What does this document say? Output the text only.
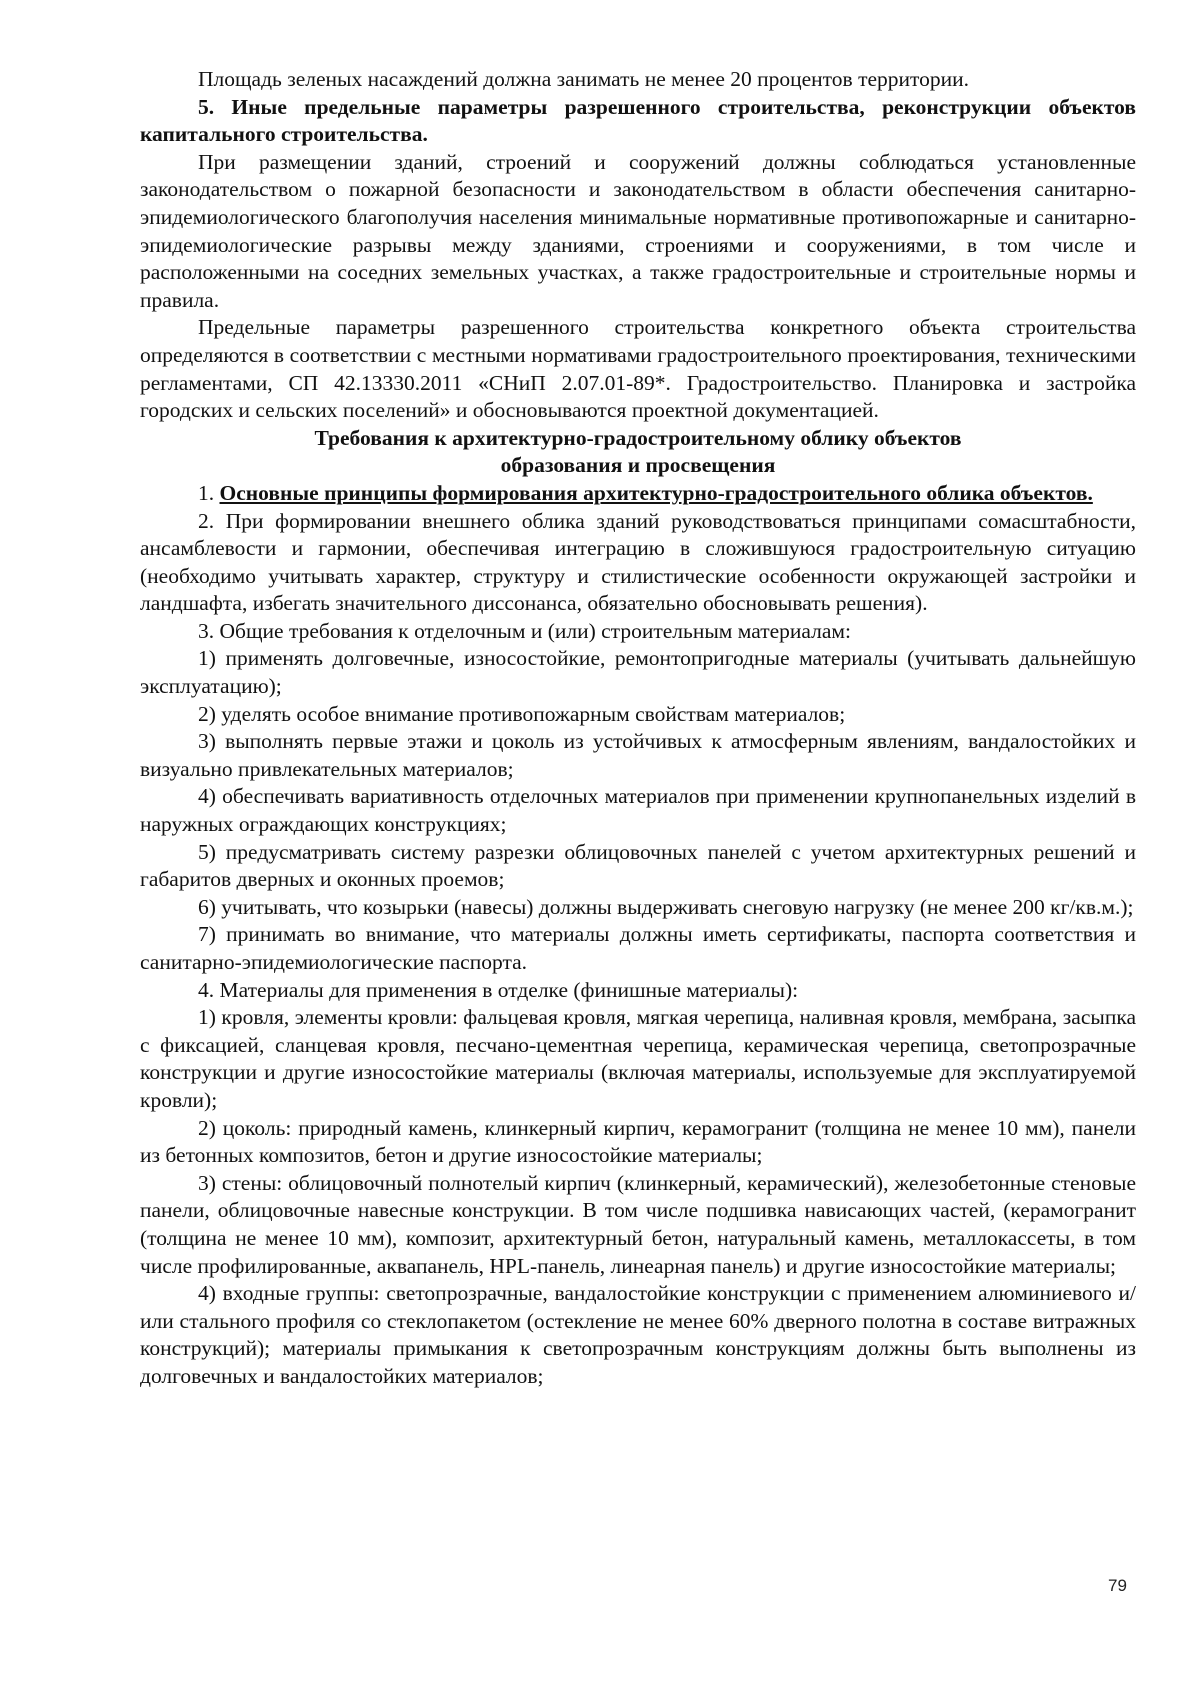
Площадь зеленых насаждений должна занимать не менее 20 процентов территории.

5. Иные предельные параметры разрешенного строительства, реконструкции объектов капитального строительства.

При размещении зданий, строений и сооружений должны соблюдаться установленные законодательством о пожарной безопасности и законодательством в области обеспечения санитарно-эпидемиологического благополучия населения минимальные нормативные противопожарные и санитарно-эпидемиологические разрывы между зданиями, строениями и сооружениями, в том числе и расположенными на соседних земельных участках, а также градостроительные и строительные нормы и правила.

Предельные параметры разрешенного строительства конкретного объекта строительства определяются в соответствии с местными нормативами градостроительного проектирования, техническими регламентами, СП 42.13330.2011 «СНиП 2.07.01-89*. Градостроительство. Планировка и застройка городских и сельских поселений» и обосновываются проектной документацией.

Требования к архитектурно-градостроительному облику объектов

образования и просвещения

1. Основные принципы формирования архитектурно-градостроительного облика объектов.

2. При формировании внешнего облика зданий руководствоваться принципами сомасштабности, ансамблевости и гармонии, обеспечивая интеграцию в сложившуюся градостроительную ситуацию (необходимо учитывать характер, структуру и стилистические особенности окружающей застройки и ландшафта, избегать значительного диссонанса, обязательно обосновывать решения).

3. Общие требования к отделочным и (или) строительным материалам:

1) применять долговечные, износостойкие, ремонтопригодные материалы (учитывать дальнейшую эксплуатацию);

2) уделять особое внимание противопожарным свойствам материалов;

3) выполнять первые этажи и цоколь из устойчивых к атмосферным явлениям, вандалостойких и визуально привлекательных материалов;

4) обеспечивать вариативность отделочных материалов при применении крупнопанельных изделий в наружных ограждающих конструкциях;

5) предусматривать систему разрезки облицовочных панелей с учетом архитектурных решений и габаритов дверных и оконных проемов;

6) учитывать, что козырьки (навесы) должны выдерживать снеговую нагрузку (не менее 200 кг/кв.м.);

7) принимать во внимание, что материалы должны иметь сертификаты, паспорта соответствия и санитарно-эпидемиологические паспорта.

4. Материалы для применения в отделке (финишные материалы):

1) кровля, элементы кровли: фальцевая кровля, мягкая черепица, наливная кровля, мембрана, засыпка с фиксацией, сланцевая кровля, песчано-цементная черепица, керамическая черепица, светопрозрачные конструкции и другие износостойкие материалы (включая материалы, используемые для эксплуатируемой кровли);

2) цоколь: природный камень, клинкерный кирпич, керамогранит (толщина не менее 10 мм), панели из бетонных композитов, бетон и другие износостойкие материалы;

3) стены: облицовочный полнотелый кирпич (клинкерный, керамический), железобетонные стеновые панели, облицовочные навесные конструкции. В том числе подшивка нависающих частей, (керамогранит (толщина не менее 10 мм), композит, архитектурный бетон, натуральный камень, металлокассеты, в том числе профилированные, аквапанель, HPL-панель, линеарная панель) и другие износостойкие материалы;

4) входные группы: светопрозрачные, вандалостойкие конструкции с применением алюминиевого и/или стального профиля со стеклопакетом (остекление не менее 60% дверного полотна в составе витражных конструкций); материалы примыкания к светопрозрачным конструкциям должны быть выполнены из долговечных и вандалостойких материалов;

79
